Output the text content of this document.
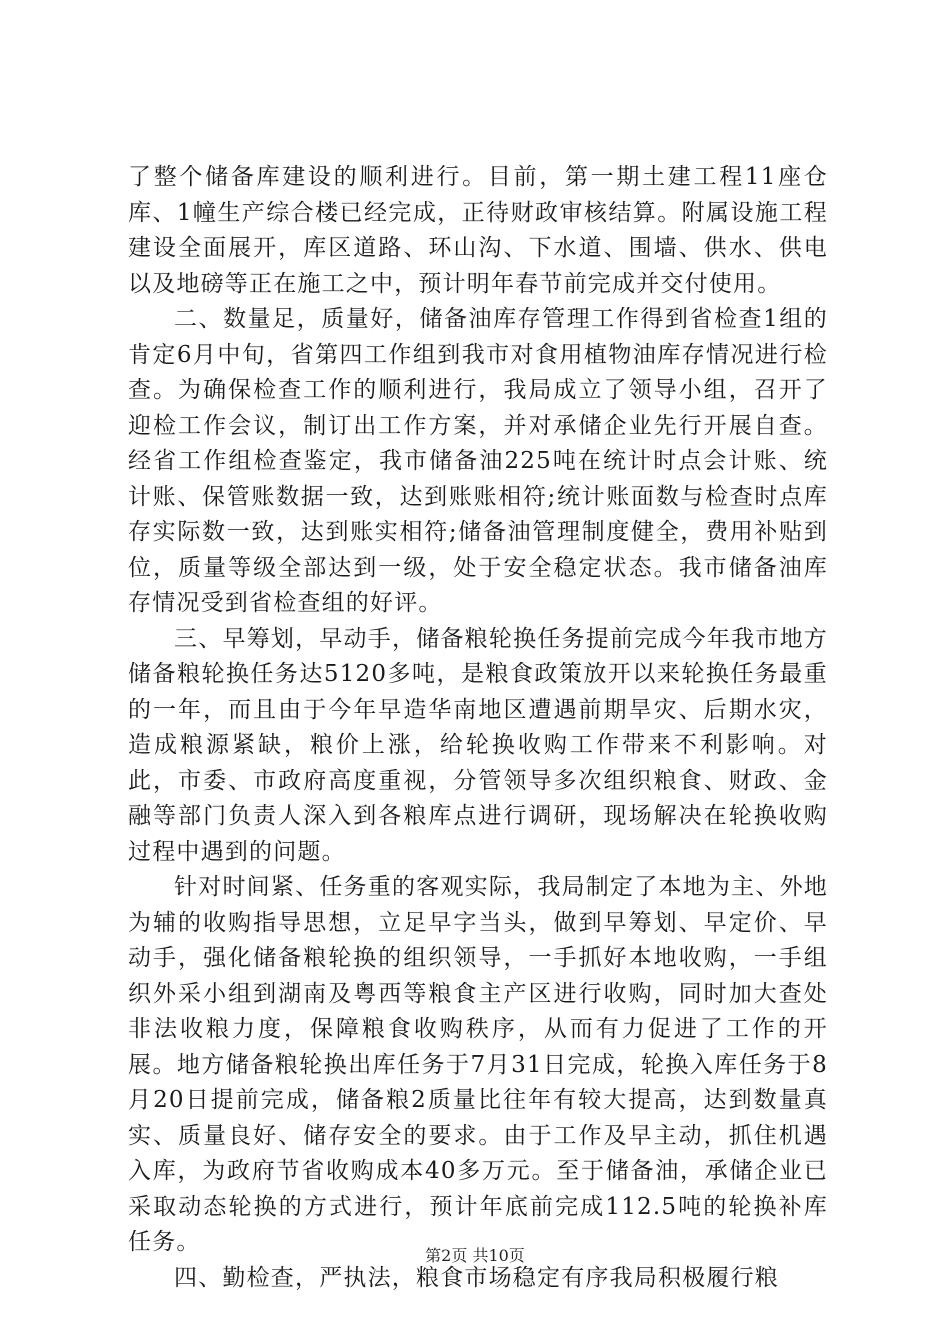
了整个储备库建设的顺利进行。目前，第一期土建工程11座仓库、1幢生产综合楼已经完成，正待财政审核结算。附属设施工程建设全面展开，库区道路、环山沟、下水道、围墙、供水、供电以及地磅等正在施工之中，预计明年春节前完成并交付使用。

二、数量足，质量好，储备油库存管理工作得到省检查1组的肯定6月中旬，省第四工作组到我市对食用植物油库存情况进行检查。为确保检查工作的顺利进行，我局成立了领导小组，召开了迎检工作会议，制订出工作方案，并对承储企业先行开展自查。经省工作组检查鉴定，我市储备油225吨在统计时点会计账、统计账、保管账数据一致，达到账账相符;统计账面数与检查时点库存实际数一致，达到账实相符;储备油管理制度健全，费用补贴到位，质量等级全部达到一级，处于安全稳定状态。我市储备油库存情况受到省检查组的好评。

三、早筹划，早动手，储备粮轮换任务提前完成今年我市地方储备粮轮换任务达5120多吨，是粮食政策放开以来轮换任务最重的一年，而且由于今年早造华南地区遭遇前期旱灾、后期水灾，造成粮源紧缺，粮价上涨，给轮换收购工作带来不利影响。对此，市委、市政府高度重视，分管领导多次组织粮食、财政、金融等部门负责人深入到各粮库点进行调研，现场解决在轮换收购过程中遇到的问题。

针对时间紧、任务重的客观实际，我局制定了本地为主、外地为辅的收购指导思想，立足早字当头，做到早筹划、早定价、早动手，强化储备粮轮换的组织领导，一手抓好本地收购，一手组织外采小组到湖南及粤西等粮食主产区进行收购，同时加大查处非法收粮力度，保障粮食收购秩序，从而有力促进了工作的开展。地方储备粮轮换出库任务于7月31日完成，轮换入库任务于8月20日提前完成，储备粮2质量比往年有较大提高，达到数量真实、质量良好、储存安全的要求。由于工作及早主动，抓住机遇入库，为政府节省收购成本40多万元。至于储备油，承储企业已采取动态轮换的方式进行，预计年底前完成112.5吨的轮换补库任务。

四、勤检查，严执法，粮食市场稳定有序我局积极履行粮

第2页 共10页
